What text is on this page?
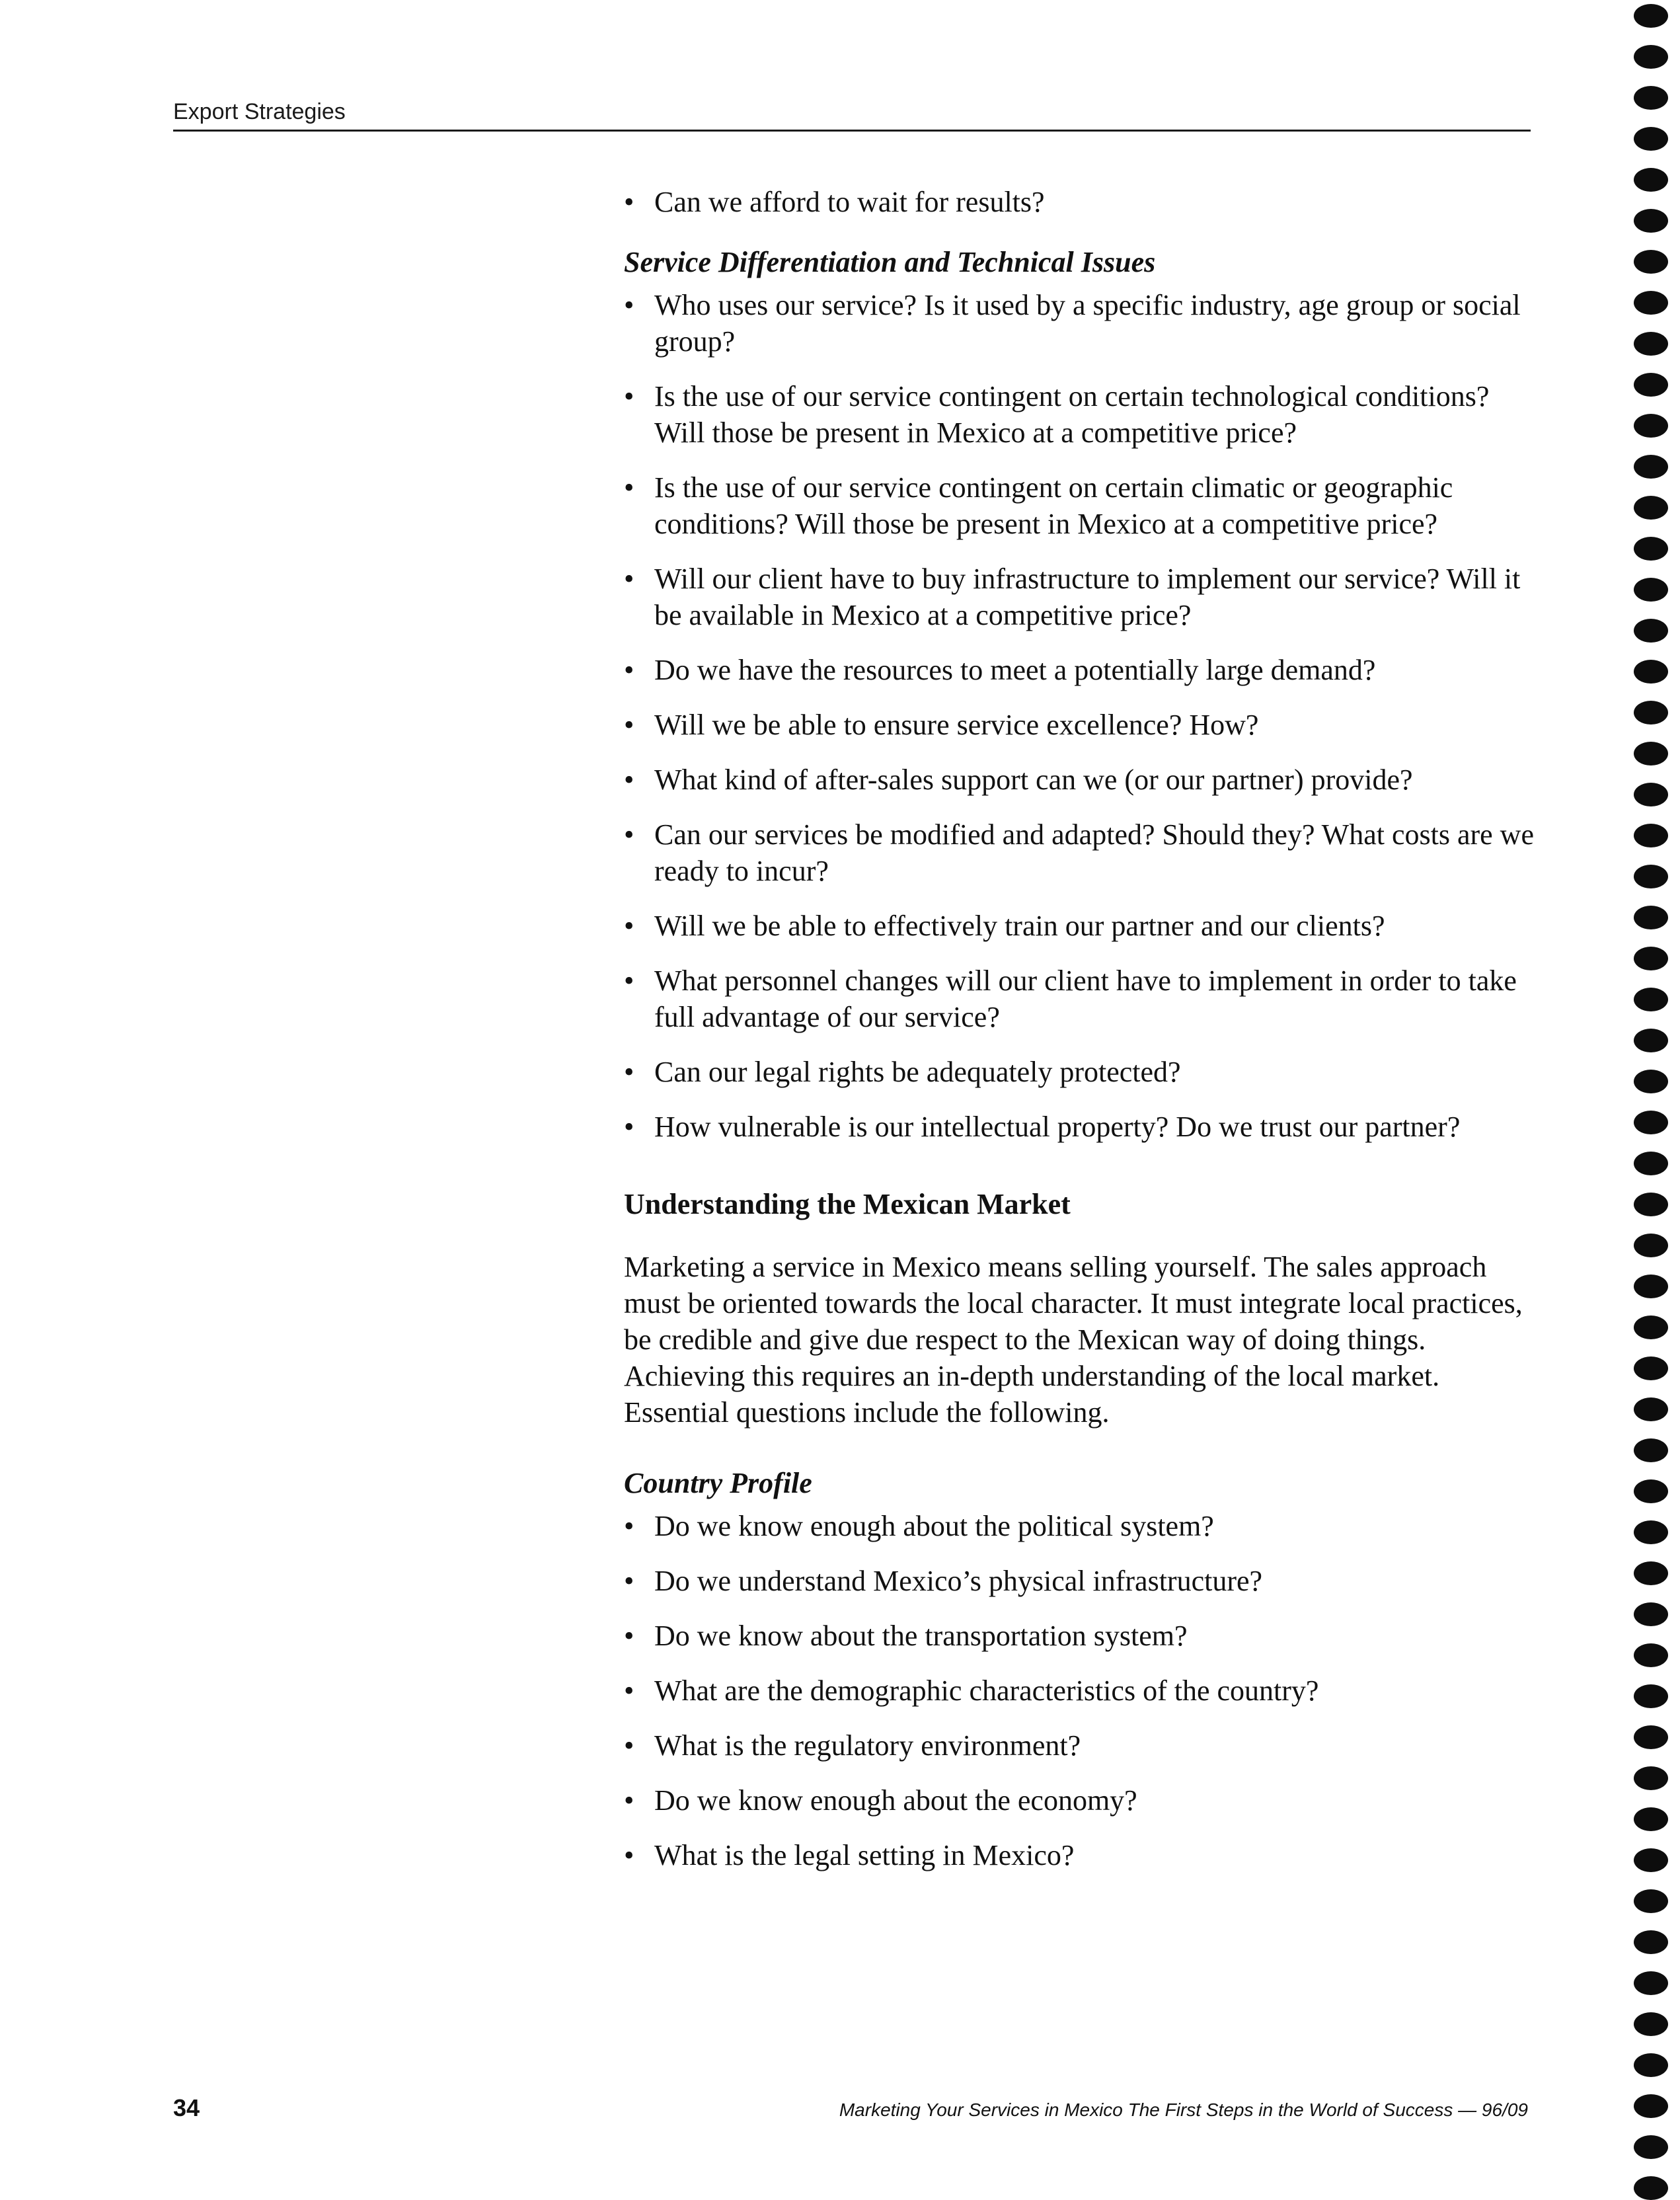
Export Strategies
• Can we afford to wait for results?
Service Differentiation and Technical Issues
• Who uses our service? Is it used by a specific industry, age group or social group?
• Is the use of our service contingent on certain technological conditions? Will those be present in Mexico at a competitive price?
• Is the use of our service contingent on certain climatic or geographic conditions? Will those be present in Mexico at a competitive price?
• Will our client have to buy infrastructure to implement our service? Will it be available in Mexico at a competitive price?
• Do we have the resources to meet a potentially large demand?
• Will we be able to ensure service excellence? How?
• What kind of after-sales support can we (or our partner) provide?
• Can our services be modified and adapted? Should they? What costs are we ready to incur?
• Will we be able to effectively train our partner and our clients?
• What personnel changes will our client have to implement in order to take full advantage of our service?
• Can our legal rights be adequately protected?
• How vulnerable is our intellectual property? Do we trust our partner?
Understanding the Mexican Market

Marketing a service in Mexico means selling yourself. The sales approach must be oriented towards the local character. It must integrate local practices, be credible and give due respect to the Mexican way of doing things. Achieving this requires an in-depth understanding of the local market. Essential questions include the following.

Country Profile
• Do we know enough about the political system?
• Do we understand Mexico’s physical infrastructure?
• Do we know about the transportation system?
• What are the demographic characteristics of the country?
• What is the regulatory environment?
• Do we know enough about the economy?
• What is the legal setting in Mexico?
34	Marketing Your Services in Mexico The First Steps in the World of Success — 96/09
